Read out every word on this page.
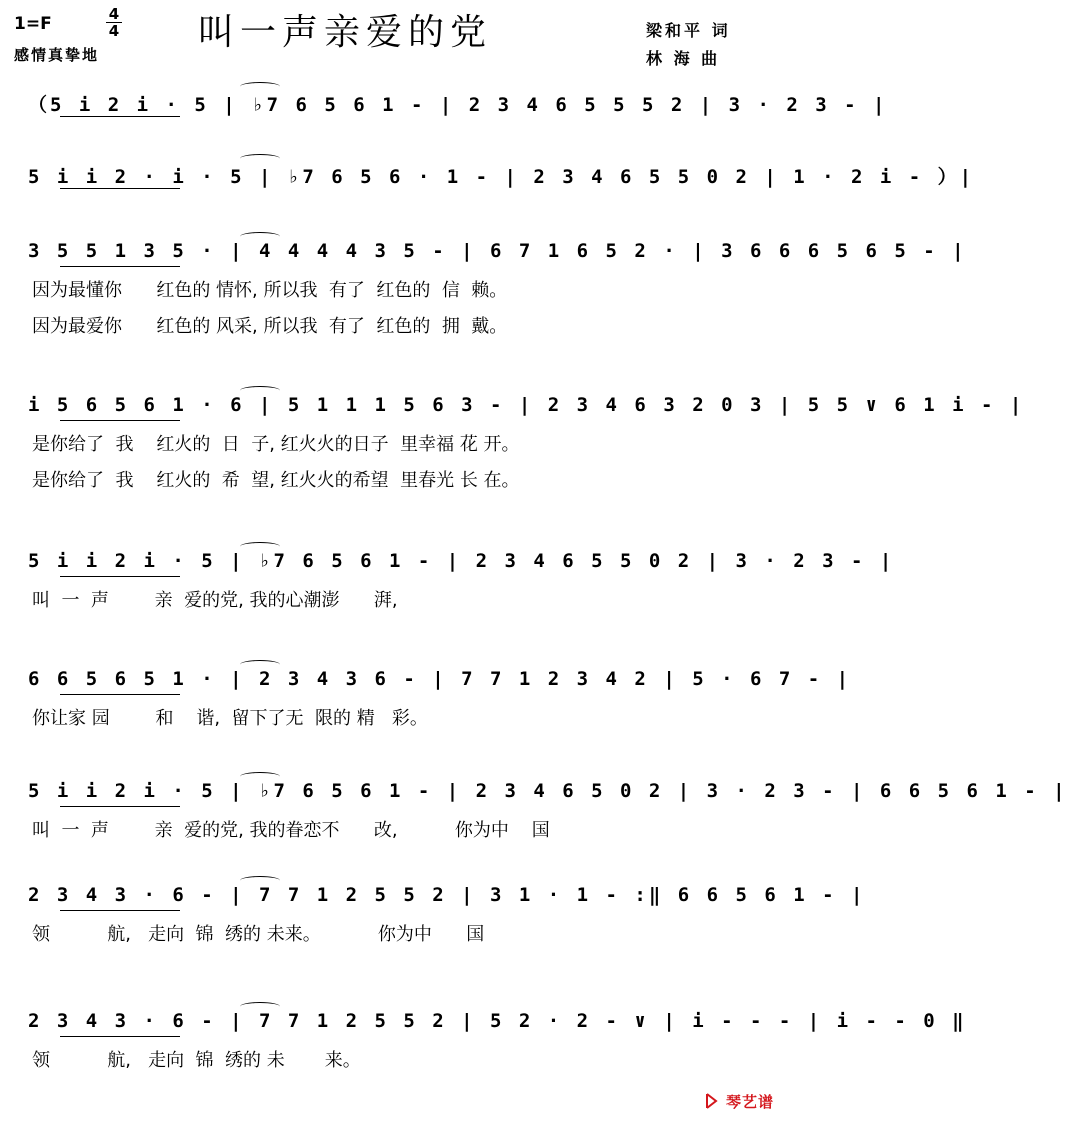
1=F	4
4
感情真挚地
叫一声亲爱的党	梁和平 词
林 海 曲
（5 i 2 i · 5 | ♭7 6 5 6 1 - | 2 3 4 6 5 5 5 2 | 3 · 2 3 - |
5 i i 2 · i · 5 | ♭7 6 5 6 · 1 - | 2 3 4 6 5 5 0 2 | 1 · 2 i - ）|
3 5 5 1 3 5 · | 4 4 4 4 3 5 - | 6 7 1 6 5 2 · | 3 6 6 6 5 6 5 - |
因为最懂你      红色的 情怀, 所以我  有了  红色的  信  赖。
因为最爱你      红色的 风采, 所以我  有了  红色的  拥  戴。
i 5 6 5 6 1 · 6 | 5 1 1 1 5 6 3 - | 2 3 4 6 3 2 0 3 | 5 5 ∨ 6 1 i - |
是你给了  我    红火的  日  子, 红火火的日子  里幸福 花 开。
是你给了  我    红火的  希  望, 红火火的希望  里春光 长 在。
5 i i 2 i · 5 | ♭7 6 5 6 1 - | 2 3 4 6 5 5 0 2 | 3 · 2 3 - |
叫  一  声        亲  爱的党, 我的心潮澎      湃,
6 6 5 6 5 1 · | 2 3 4 3 6 - | 7 7 1 2 3 4 2 | 5 · 6 7 - |
你让家 园        和    谐,  留下了无  限的 精   彩。
5 i i 2 i · 5 | ♭7 6 5 6 1 - | 2 3 4 6 5 0 2 | 3 · 2 3 - | 6 6 5 6 1 - |
叫  一  声        亲  爱的党, 我的眷恋不      改,          你为中    国
2 3 4 3 · 6 - | 7 7 1 2 5 5 2 | 3 1 · 1 - :‖ 6 6 5 6 1 - |
领          航,   走向  锦  绣的 未来。          你为中      国
2 3 4 3 · 6 - | 7 7 1 2 5 5 2 | 5 2 · 2 - ∨ | i - - - | i - - 0 ‖
领          航,   走向  锦  绣的 未       来。
琴艺谱
